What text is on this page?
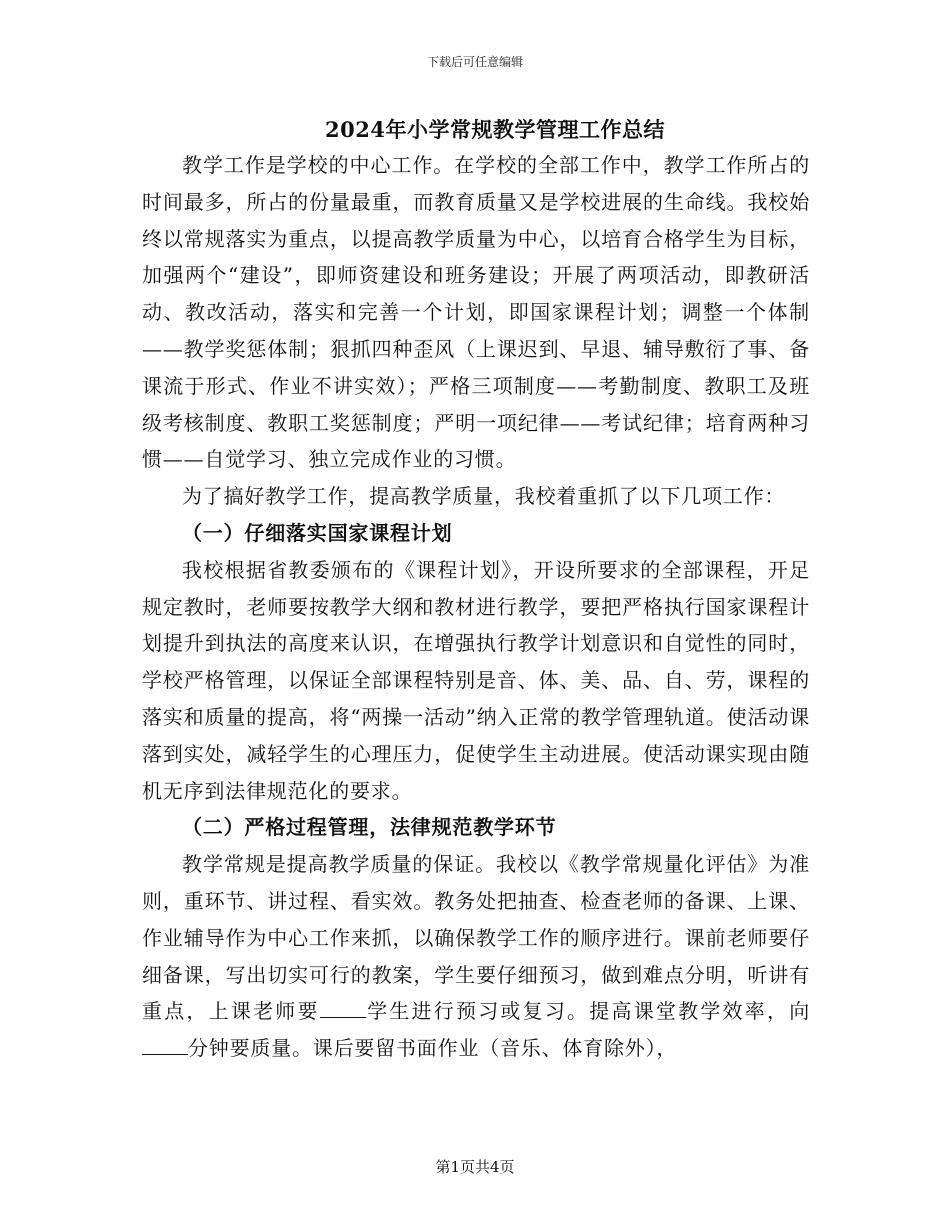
下载后可任意编辑
2024年小学常规教学管理工作总结

教学工作是学校的中心工作。在学校的全部工作中，教学工作所占的时间最多，所占的份量最重，而教育质量又是学校进展的生命线。我校始终以常规落实为重点，以提高教学质量为中心，以培育合格学生为目标，加强两个“建设”，即师资建设和班务建设；开展了两项活动，即教研活动、教改活动，落实和完善一个计划，即国家课程计划；调整一个体制——教学奖惩体制；狠抓四种歪风（上课迟到、早退、辅导敷衍了事、备课流于形式、作业不讲实效）；严格三项制度——考勤制度、教职工及班级考核制度、教职工奖惩制度；严明一项纪律——考试纪律；培育两种习惯——自觉学习、独立完成作业的习惯。

为了搞好教学工作，提高教学质量，我校着重抓了以下几项工作：

（一）仔细落实国家课程计划

我校根据省教委颁布的《课程计划》，开设所要求的全部课程，开足规定教时，老师要按教学大纲和教材进行教学，要把严格执行国家课程计划提升到执法的高度来认识，在增强执行教学计划意识和自觉性的同时，学校严格管理，以保证全部课程特别是音、体、美、品、自、劳，课程的落实和质量的提高，将“两操一活动”纳入正常的教学管理轨道。使活动课落到实处，减轻学生的心理压力，促使学生主动进展。使活动课实现由随机无序到法律规范化的要求。

（二）严格过程管理，法律规范教学环节

教学常规是提高教学质量的保证。我校以《教学常规量化评估》为准则，重环节、讲过程、看实效。教务处把抽查、检查老师的备课、上课、作业辅导作为中心工作来抓，以确保教学工作的顺序进行。课前老师要仔细备课，写出切实可行的教案，学生要仔细预习，做到难点分明，听讲有重点，上课老师要 学生进行预习或复习。提高课堂教学效率，向分钟要质量。课后要留书面作业（音乐、体育除外），

第1页共4页
